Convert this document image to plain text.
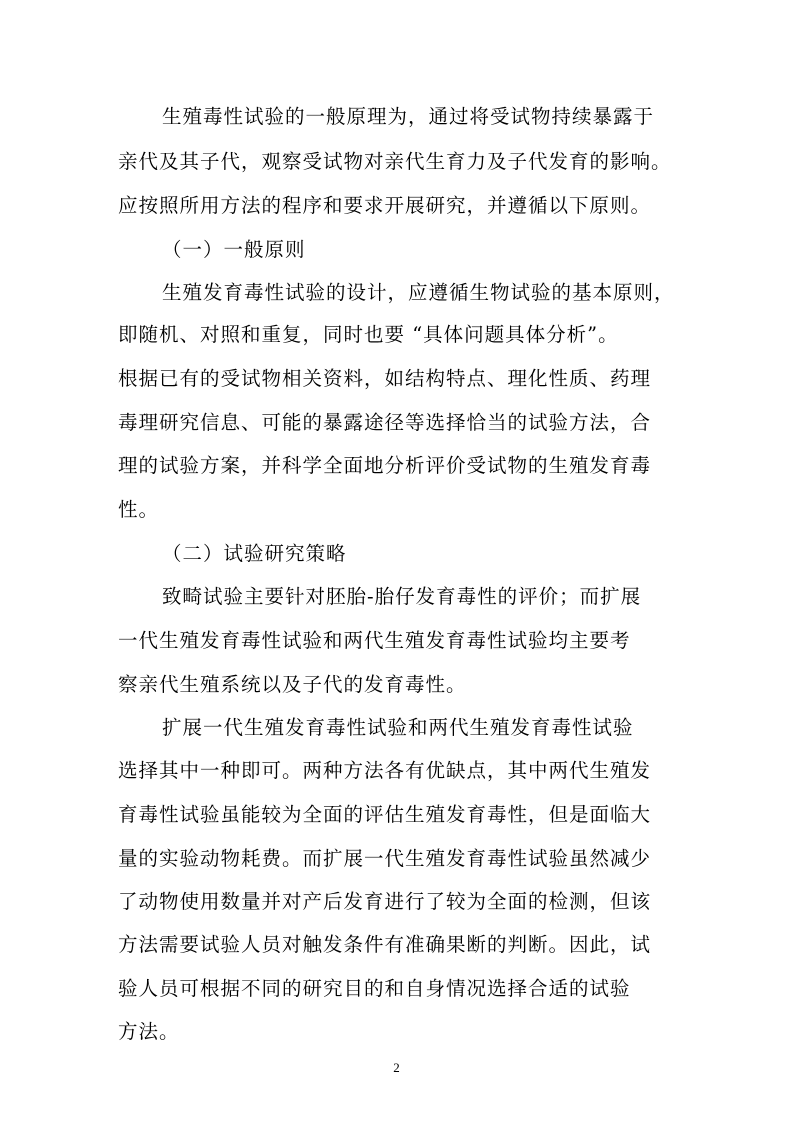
生殖毒性试验的一般原理为，通过将受试物持续暴露于
亲代及其子代，观察受试物对亲代生育力及子代发育的影响。
应按照所用方法的程序和要求开展研究，并遵循以下原则。
（一）一般原则
生殖发育毒性试验的设计，应遵循生物试验的基本原则，
即随机、对照和重复，同时也要 “具体问题具体分析”。
根据已有的受试物相关资料，如结构特点、理化性质、药理
毒理研究信息、可能的暴露途径等选择恰当的试验方法，合
理的试验方案，并科学全面地分析评价受试物的生殖发育毒
性。
（二）试验研究策略
致畸试验主要针对胚胎-胎仔发育毒性的评价；而扩展
一代生殖发育毒性试验和两代生殖发育毒性试验均主要考
察亲代生殖系统以及子代的发育毒性。
扩展一代生殖发育毒性试验和两代生殖发育毒性试验
选择其中一种即可。两种方法各有优缺点，其中两代生殖发
育毒性试验虽能较为全面的评估生殖发育毒性，但是面临大
量的实验动物耗费。而扩展一代生殖发育毒性试验虽然减少
了动物使用数量并对产后发育进行了较为全面的检测，但该
方法需要试验人员对触发条件有准确果断的判断。因此，试
验人员可根据不同的研究目的和自身情况选择合适的试验
方法。
2
